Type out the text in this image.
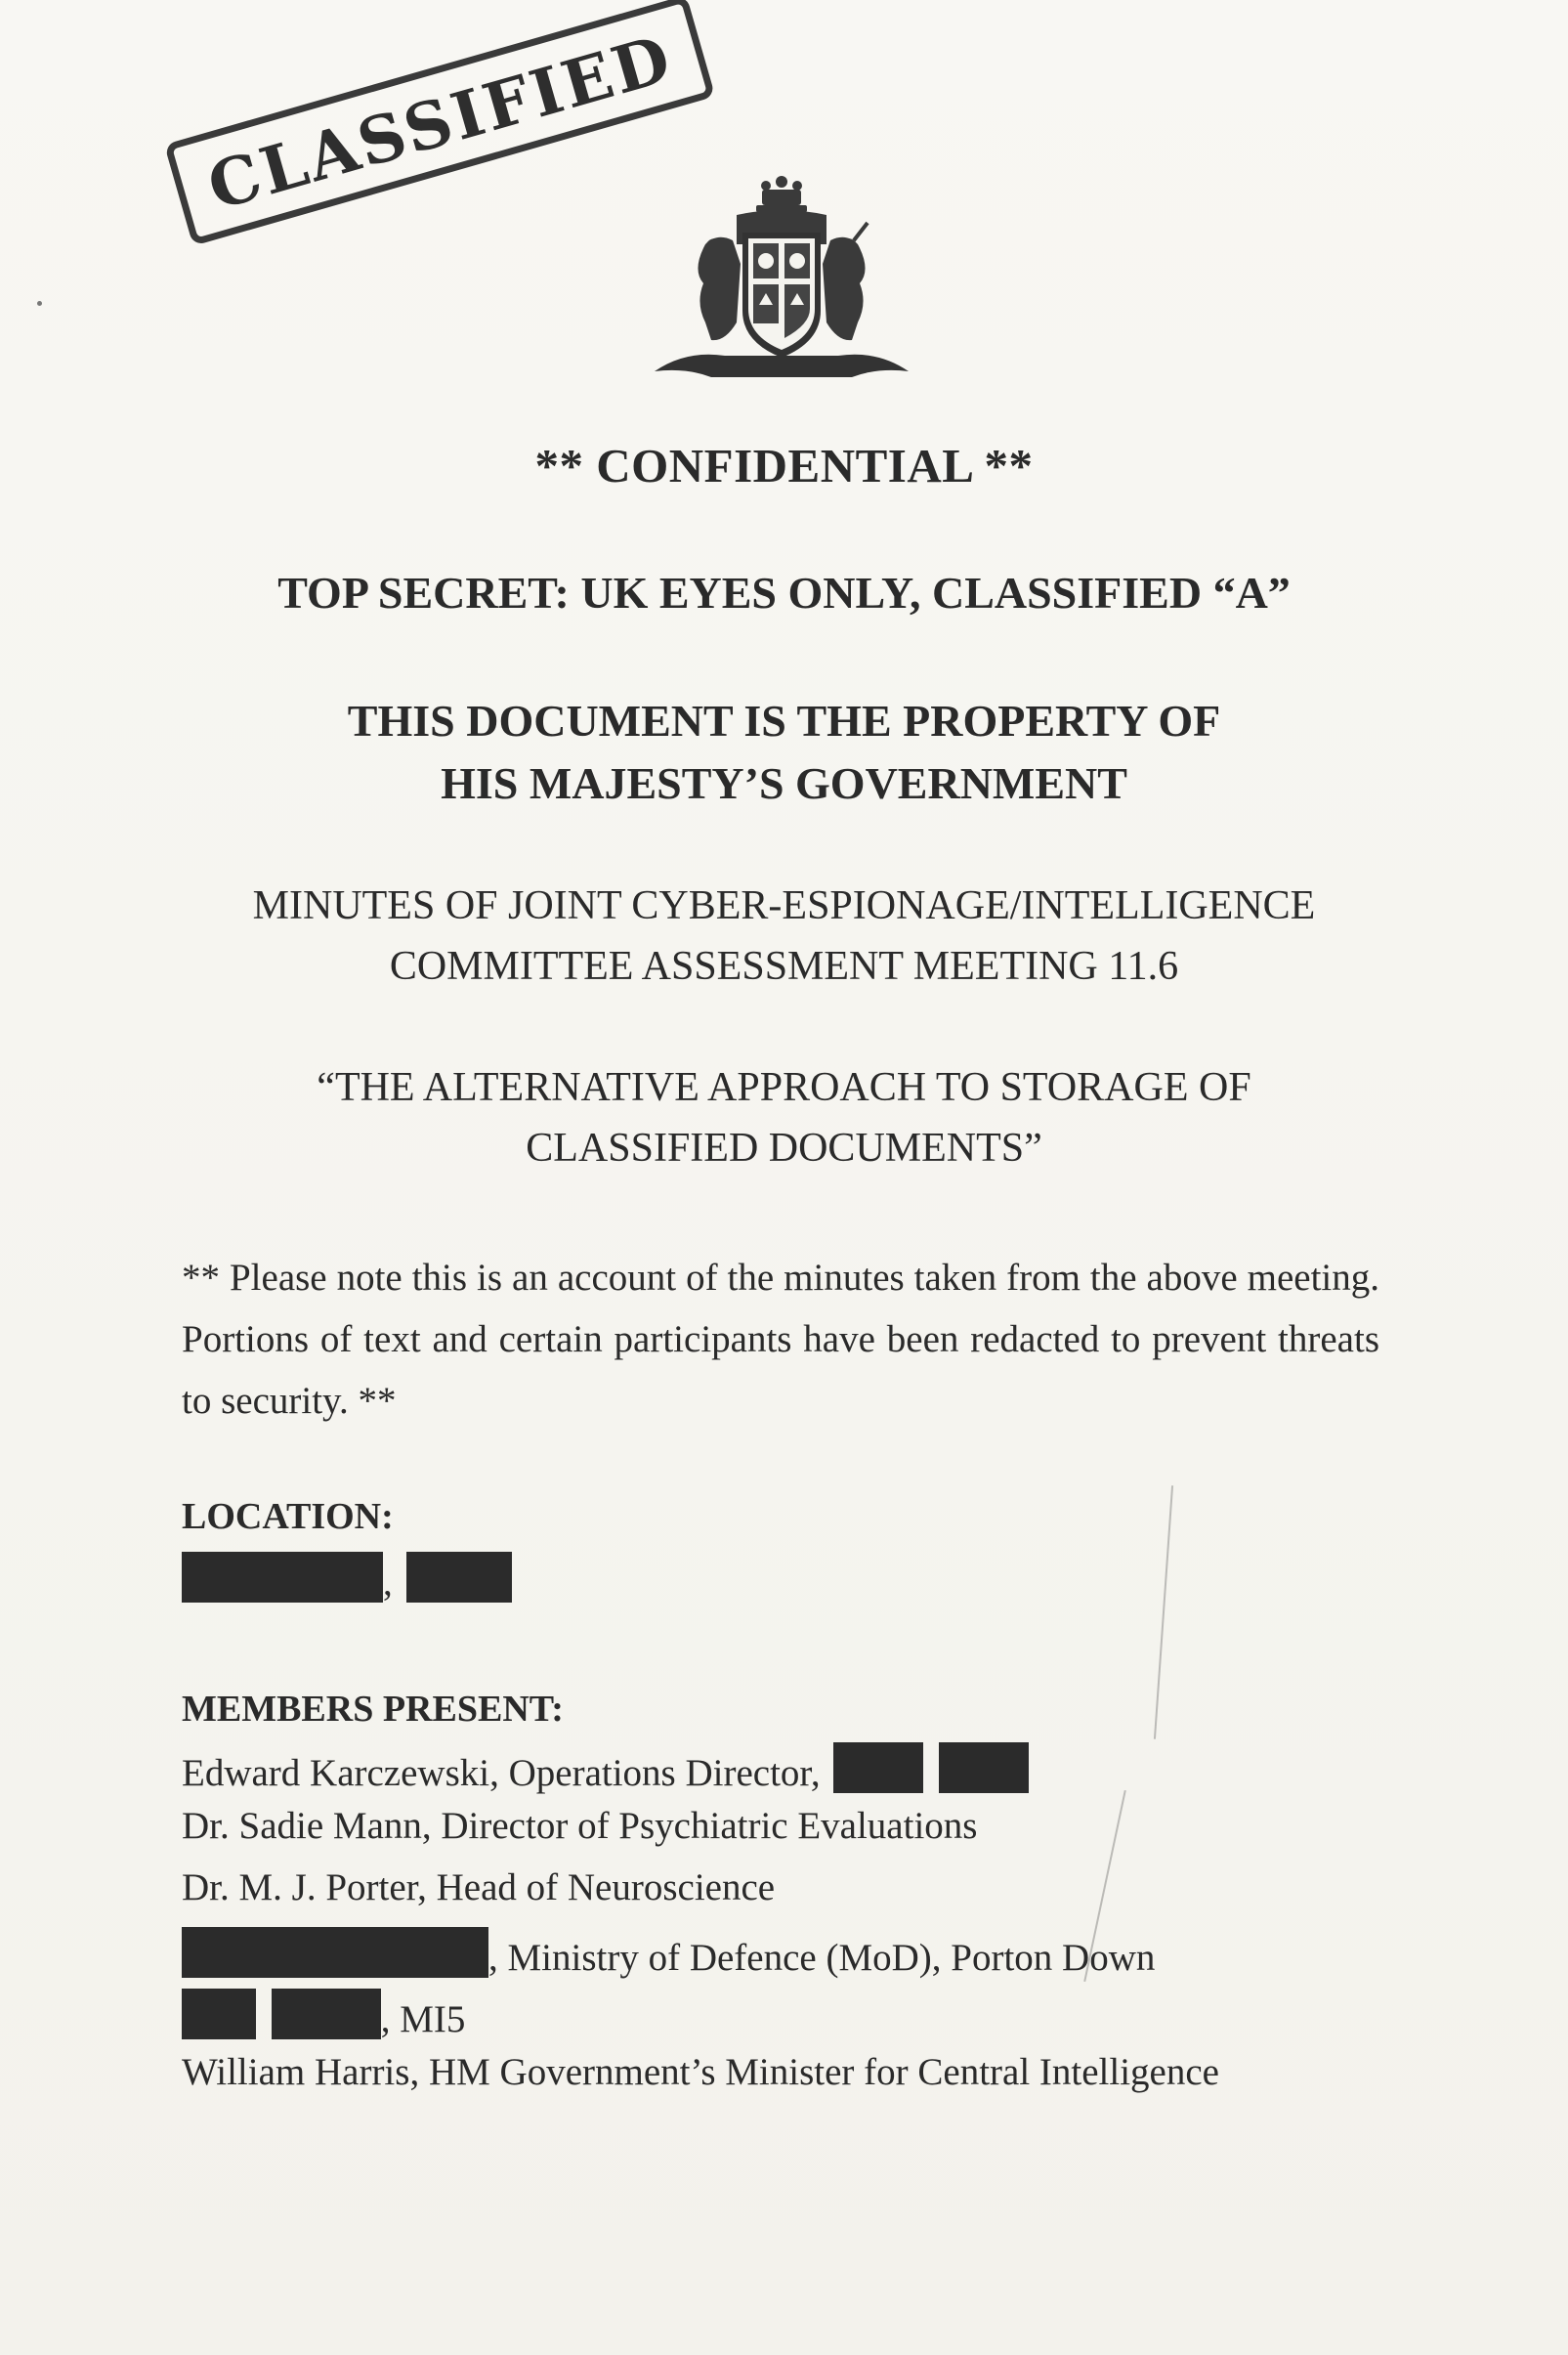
CLASSIFIED
** CONFIDENTIAL **
TOP SECRET: UK EYES ONLY, CLASSIFIED “A”
THIS DOCUMENT IS THE PROPERTY OF
HIS MAJESTY’S GOVERNMENT
MINUTES OF JOINT CYBER-ESPIONAGE/INTELLIGENCE
COMMITTEE ASSESSMENT MEETING 11.6
“THE ALTERNATIVE APPROACH TO STORAGE OF
CLASSIFIED DOCUMENTS”
** Please note this is an account of the minutes taken from the above meeting. Portions of text and certain participants have been redacted to prevent threats to security. **
LOCATION:
,
MEMBERS PRESENT:
Edward Karczewski, Operations Director,
Dr. Sadie Mann, Director of Psychiatric Evaluations
Dr. M. J. Porter, Head of Neuroscience
, Ministry of Defence (MoD), Porton Down
, MI5
William Harris, HM Government’s Minister for Central Intelligence
